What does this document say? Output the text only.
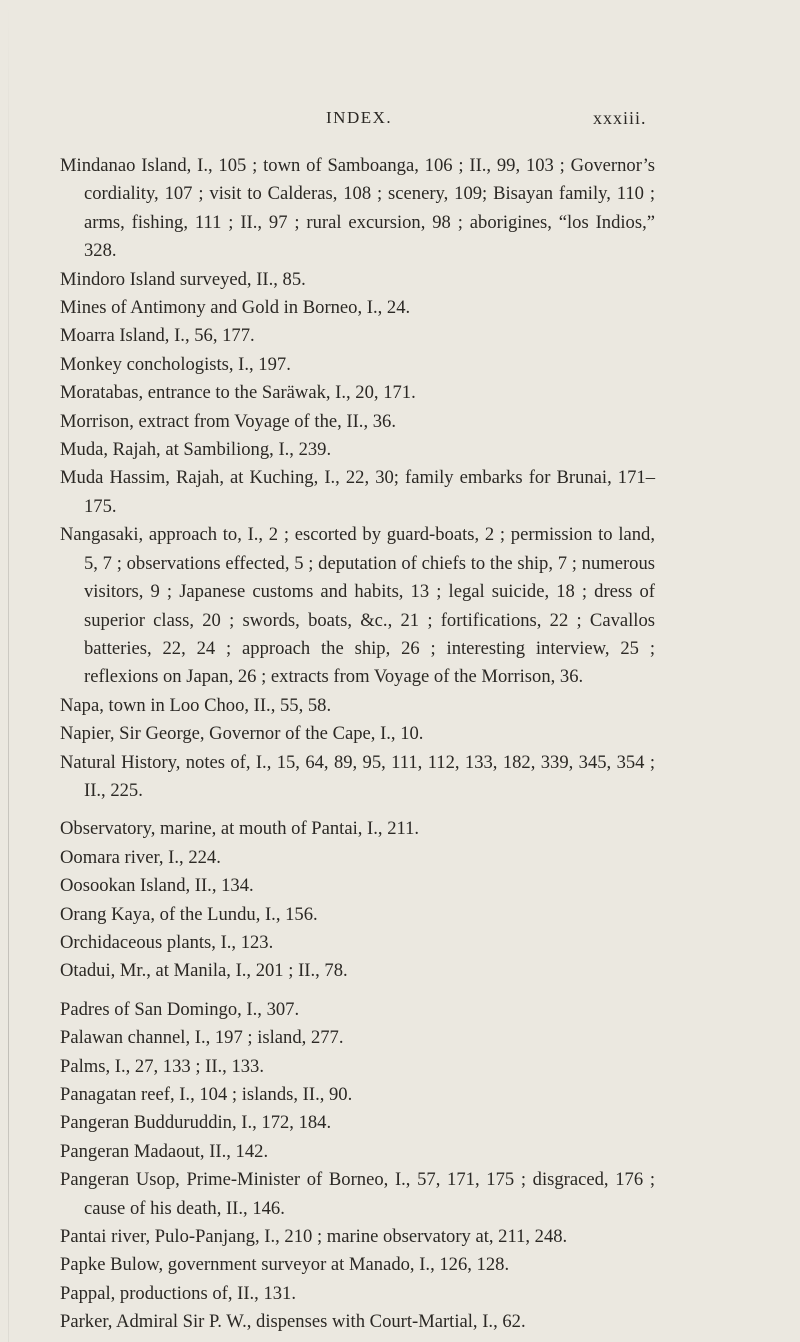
INDEX.	xxxiii.

Mindanao Island, I., 105 ; town of Samboanga, 106 ; II., 99, 103 ; Governor’s cordiality, 107 ; visit to Calderas, 108 ; scenery, 109; Bisayan family, 110 ; arms, fishing, 111 ; II., 97 ; rural excursion, 98 ; aborigines, “los Indios,” 328.

Mindoro Island surveyed, II., 85.

Mines of Antimony and Gold in Borneo, I., 24.

Moarra Island, I., 56, 177.

Monkey conchologists, I., 197.

Moratabas, entrance to the Saräwak, I., 20, 171.

Morrison, extract from Voyage of the, II., 36.

Muda, Rajah, at Sambiliong, I., 239.

Muda Hassim, Rajah, at Kuching, I., 22, 30; family embarks for Brunai, 171–175.

Nangasaki, approach to, I., 2 ; escorted by guard-boats, 2 ; permission to land, 5, 7 ; observations effected, 5 ; deputation of chiefs to the ship, 7 ; numerous visitors, 9 ; Japanese customs and habits, 13 ; legal suicide, 18 ; dress of superior class, 20 ; swords, boats, &c., 21 ; fortifications, 22 ; Cavallos batteries, 22, 24 ; approach the ship, 26 ; interesting interview, 25 ; reflexions on Japan, 26 ; extracts from Voyage of the Morrison, 36.

Napa, town in Loo Choo, II., 55, 58.

Napier, Sir George, Governor of the Cape, I., 10.

Natural History, notes of, I., 15, 64, 89, 95, 111, 112, 133, 182, 339, 345, 354 ; II., 225.

Observatory, marine, at mouth of Pantai, I., 211.

Oomara river, I., 224.

Oosookan Island, II., 134.

Orang Kaya, of the Lundu, I., 156.

Orchidaceous plants, I., 123.

Otadui, Mr., at Manila, I., 201 ; II., 78.

Padres of San Domingo, I., 307.

Palawan channel, I., 197 ; island, 277.

Palms, I., 27, 133 ; II., 133.

Panagatan reef, I., 104 ; islands, II., 90.

Pangeran Budduruddin, I., 172, 184.

Pangeran Madaout, II., 142.

Pangeran Usop, Prime-Minister of Borneo, I., 57, 171, 175 ; disgraced, 176 ; cause of his death, II., 146.

Pantai river, Pulo-Panjang, I., 210 ; marine observatory at, 211, 248.

Papke Bulow, government surveyor at Manado, I., 126, 128.

Pappal, productions of, II., 131.

Parker, Admiral Sir P. W., dispenses with Court-Martial, I., 62.
